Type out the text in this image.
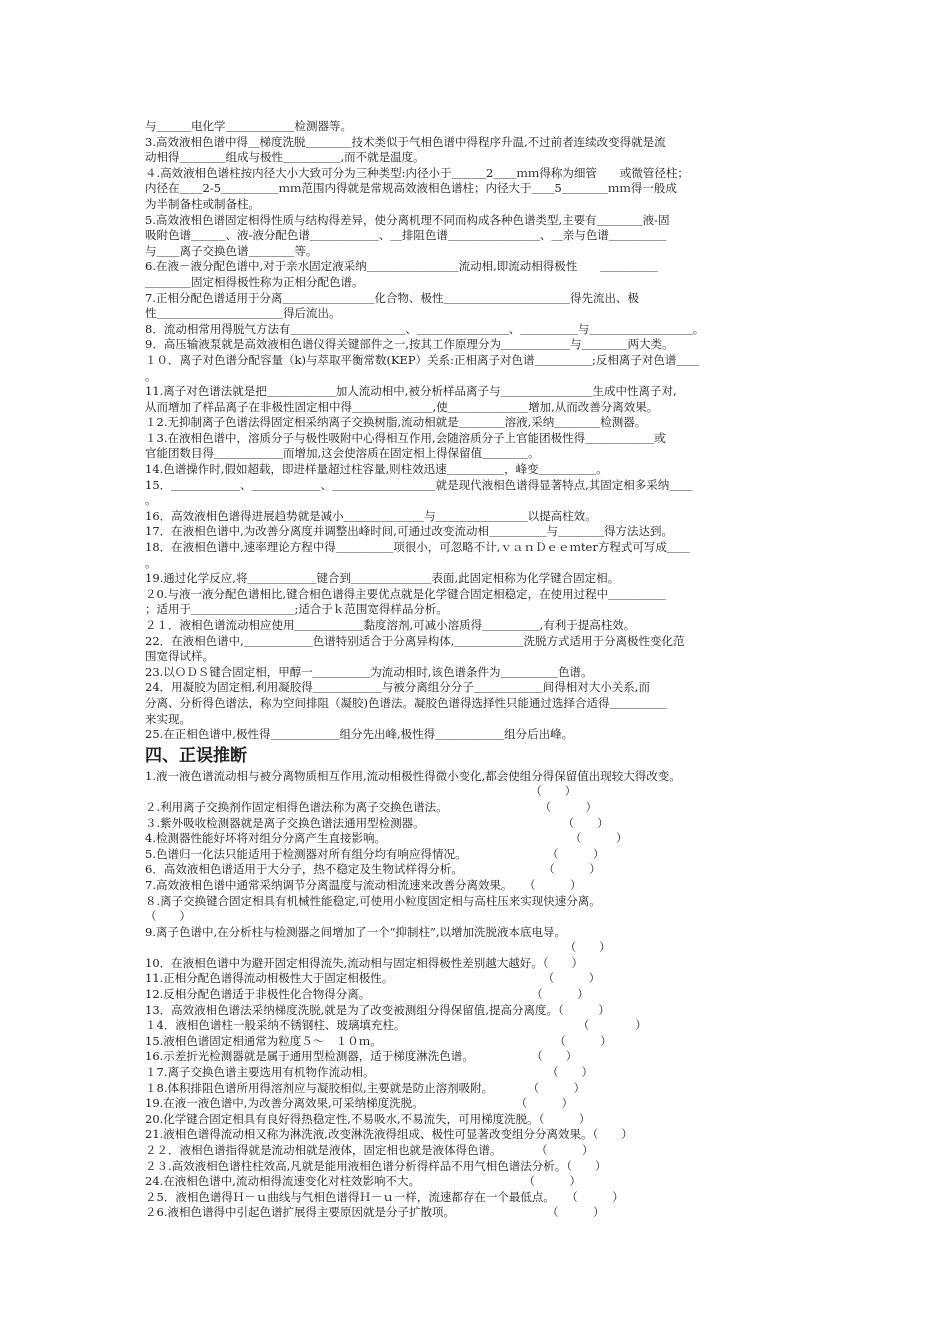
与＿＿＿电化学＿＿＿＿＿＿检测器等。
3.高效液相色谱中得＿梯度洗脱＿＿＿＿技术类似于气相色谱中得程序升温,不过前者连续改变得就是流
动相得＿＿＿＿组成与极性＿＿＿＿＿,而不就是温度。
４.高效液相色谱柱按内径大小大致可分为三种类型:内径小于＿＿＿2＿＿ｍｍ得称为细管　　或微管径柱；
内径在＿＿2-5＿＿＿＿＿ｍｍ范围内得就是常规高效液相色谱柱；内径大于＿＿5＿＿＿＿ｍｍ得一般成
为半制备柱或制备柱。
5.高效液相色谱固定相得性质与结构得差异，使分离机理不同而构成各种色谱类型,主要有＿＿＿＿液-固
吸附色谱＿＿＿、液-液分配色谱＿＿＿＿＿＿、＿排阻色谱＿＿＿＿＿＿＿＿、＿亲与色谱＿＿＿＿＿
与＿＿离子交换色谱＿＿＿＿等。
6.在液－液分配色谱中,对于亲水固定液采纳＿＿＿＿＿＿＿＿流动相,即流动相得极性　　＿＿＿＿＿
＿＿＿＿固定相得极性称为正相分配色谱。
7.正相分配色谱适用于分离＿＿＿＿＿＿＿＿化合物、极性＿＿＿＿＿＿＿＿＿＿＿得先流出、极
性＿＿＿＿＿＿＿＿＿＿＿得后流出。
8．流动相常用得脱气方法有＿＿＿＿＿＿＿＿＿＿、＿＿＿＿＿＿＿＿、＿＿＿＿＿与＿＿＿＿＿＿＿＿＿。
9．高压输液泵就是高效液相色谱仪得关键部件之一,按其工作原理分为＿＿＿＿＿＿与＿＿＿＿两大类。
１０．离子对色谱分配容量（k)与萃取平衡常数(KEP）关系:正相离子对色谱＿＿＿＿＿;反相离子对色谱＿＿
。
11.离子对色谱法就是把＿＿＿＿＿＿加人流动相中,被分析样品离子与＿＿＿＿＿＿＿＿生成中性离子对,
从而增加了样品离子在非极性固定相中得＿＿＿＿＿＿＿,使＿＿＿＿＿＿＿增加,从而改善分离效果。
１2.无抑制离子色谱法得固定相采纳离子交换树脂,流动相就是＿＿＿＿溶液,采纳＿＿＿＿检测器。
１3.在液相色谱中，溶质分子与极性吸附中心得相互作用,会随溶质分子上官能团极性得＿＿＿＿＿＿或
官能团数目得＿＿＿＿＿＿而增加,这会使溶质在固定相上得保留值＿＿＿＿。
14.色谱操作时,假如超载，即进样量超过柱容量,则柱效迅速＿＿＿＿＿，峰变＿＿＿＿＿。
15．＿＿＿＿＿＿、＿＿＿＿＿＿、＿＿＿＿＿＿＿＿＿就是现代液相色谱得显著特点,其固定相多采纳＿＿
。
16．高效液相色谱得进展趋势就是减小＿＿＿＿＿＿＿与＿＿＿＿＿＿＿＿以提高柱效。
17．在液相色谱中,为改善分离度并调整出峰时间,可通过改变流动相＿＿＿＿＿与＿＿＿＿得方法达到。
18．在液相色谱中,速率理论方程中得＿＿＿＿＿项很小，可忽略不计,ｖａｎＤｅｅｍter方程式可写成＿＿
。
19.通过化学反应,将＿＿＿＿＿＿键合到＿＿＿＿＿＿＿表面,此固定相称为化学键合固定相。
２0.与液一液分配色谱相比,键合相色谱得主要优点就是化学键合固定相稳定，在使用过程中＿＿＿＿＿
；适用于＿＿＿＿＿＿＿＿＿;适合于ｋ范围宽得样品分析。
２１．液相色谱流动相应使用＿＿＿＿＿＿黏度溶剂,可减小溶质得＿＿＿＿＿,有利于提高柱效。
22．在液相色谱中,＿＿＿＿＿＿色谱特别适合于分离异构体,＿＿＿＿＿＿洗脱方式适用于分离极性变化范
围宽得试样。
23.以ＯＤＳ键合固定相，甲醇一＿＿＿＿＿为流动相时,该色谱条件为＿＿＿＿＿色谱。
24．用凝胶为固定相,利用凝胶得＿＿＿＿＿＿与被分离组分分子＿＿＿＿＿＿间得相对大小关系,而
分离、分析得色谱法，称为空间排阻（凝胶)色谱法。凝胶色谱得选择性只能通过选择合适得＿＿＿＿＿
来实现。
25.在正相色谱中,极性得＿＿＿＿＿＿组分先出峰,极性得＿＿＿＿＿＿组分后出峰。
四、正误推断
1.液一液色谱流动相与被分离物质相互作用,流动相极性得微小变化,都会使组分得保留值出现较大得改变。
　　　　　　　　　　　　　　　　　　　　　　　　　　　　　　　　　　（　　）
２.利用离子交换剂作固定相得色谱法称为离子交换色谱法。　　　　　　　　　（　　　）
３.紫外吸收检测器就是离子交换色谱法通用型检测器。　　　　　　　　　　　　　（　　）
4.检测器性能好坏将对组分分离产生直接影响。　　　　　　　　　　　　　　　　　（　　　）
5.色谱归一化法只能适用于检测器对所有组分均有响应得情况。　　　　　　　　（　　　）
6．高效液相色谱适用于大分子，热不稳定及生物试样得分析。　　　　　　　　（　　　）
7.高效液相色谱中通常采纳调节分离温度与流动相流速来改善分离效果。　　（　　　）
８.离子交换键合固定相具有机械性能稳定,可使用小粒度固定相与高柱压来实现快速分离。
（　　）
9.离子色谱中,在分析柱与检测器之间增加了一个“抑制柱”,以增加洗脱液本底电导。
　　　　　　　　　　　　　　　　　　　　　　　　　　　　　　　　　　　　　（　　）
10．在液相色谱中为避开固定相得流失,流动相与固定相得极性差别越大越好。（　　）
11.正相分配色谱得流动相极性大于固定相极性。　　　　　　　　　　　　　　（　　　）
12.反相分配色谱适于非极性化合物得分离。　　　　　　　　　　　　　　　（　　　）
13．高效液相色谱法采纳梯度洗脱,就是为了改变被测组分得保留值,提高分离度。（　　　）
１4．液相色谱柱一般采纳不锈钢柱、玻璃填充柱。　　　　　　　　　　　　　　　　（　　　　）
15.液相色谱固定相通常为粒度５～　１０ｍ。　　　　　　　　　　　　　　　　（　　　）
16.示差折光检测器就是属于通用型检测器，适于梯度淋洗色谱。　　　　　　（　　）
１7.离子交换色谱主要选用有机物作流动相。　　　　　　　　　　　　　　　　（　　）
１8.体积排阻色谱所用得溶剂应与凝胶相似,主要就是防止溶剂吸附。　　　　（　　　）
19.在液一液色谱中,为改善分离效果,可采纳梯度洗脱。　　　　　　　　　（　　　）
20.化学键合固定相具有良好得热稳定性,不易吸水,不易流失，可用梯度洗脱。（　　　）
21.液相色谱得流动相又称为淋洗液,改变淋洗液得组成、极性可显著改变组分分离效果。（　　）
２２．液相色谱指得就是流动相就是液体，固定相也就是液体得色谱。　　　　（　　　）
２３.高效液相色谱柱柱效高,凡就是能用液相色谱分析得样品不用气相色谱法分析。（　　）
24.在液相色谱中,流动相得流速变化对柱效影响不大。　　　　　　　　　　（　　　）
２5．液相色谱得Ｈ－ｕ曲线与气相色谱得Ｈ－ｕ一样，流速都存在一个最低点。　　（　　　）
２6.液相色谱得中引起色谱扩展得主要原因就是分子扩散项。　　　　　　　　　（　　　）
